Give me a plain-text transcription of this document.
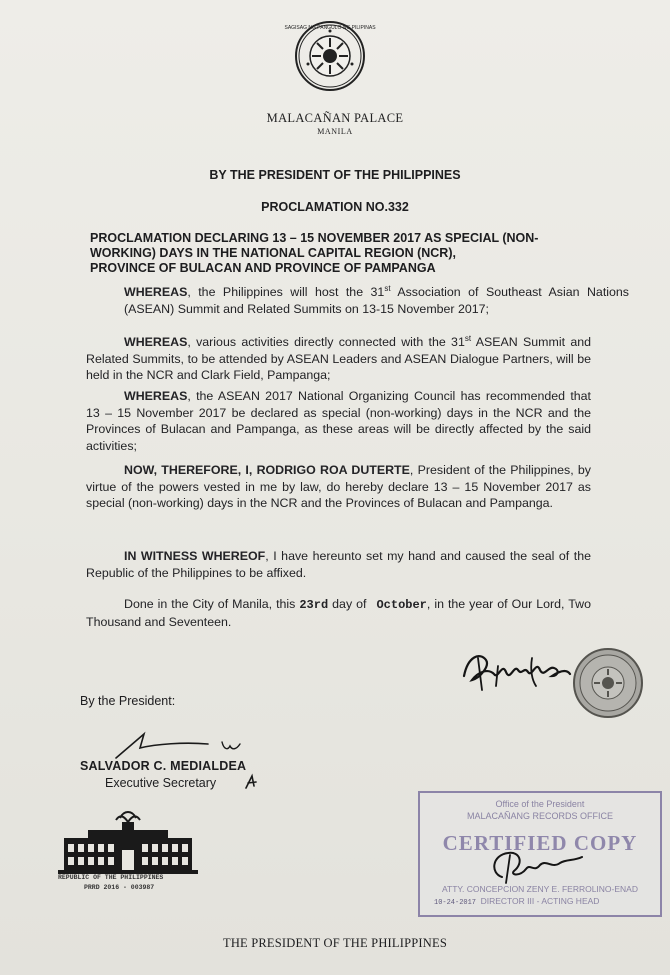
SAGISAG NG PANGULO NG PILIPINAS
MALACAÑAN PALACE
MANILA
BY THE PRESIDENT OF THE PHILIPPINES
PROCLAMATION NO.332
PROCLAMATION DECLARING 13 – 15 NOVEMBER 2017 AS SPECIAL (NON-
WORKING) DAYS IN THE NATIONAL CAPITAL REGION (NCR),
PROVINCE OF BULACAN AND PROVINCE OF PAMPANGA
WHEREAS, the Philippines will host the 31st Association of Southeast Asian Nations (ASEAN) Summit and Related Summits on 13-15 November 2017;
WHEREAS, various activities directly connected with the 31st ASEAN Summit and Related Summits, to be attended by ASEAN Leaders and ASEAN Dialogue Partners, will be held in the NCR and Clark Field, Pampanga;
WHEREAS, the ASEAN 2017 National Organizing Council has recommended that 13 – 15 November 2017 be declared as special (non-working) days in the NCR and the Provinces of Bulacan and Pampanga, as these areas will be directly affected by the said activities;
NOW, THEREFORE, I, RODRIGO ROA DUTERTE, President of the Philippines, by virtue of the powers vested in me by law, do hereby declare 13 – 15 November 2017 as special (non-working) days in the NCR and the Provinces of Bulacan and Pampanga.
IN WITNESS WHEREOF, I have hereunto set my hand and caused the seal of the Republic of the Philippines to be affixed.
Done in the City of Manila, this 23rd day of October, in the year of Our Lord, Two Thousand and Seventeen.
By the President:
SALVADOR C. MEDIALDEA
Executive Secretary
REPUBLIC OF THE PHILIPPINES
PRRD 2016 - 003987
Office of the President
MALACAÑANG RECORDS OFFICE
CERTIFIED COPY
ATTY. CONCEPCION ZENY E. FERROLINO-ENAD
DIRECTOR III - ACTING HEAD
10-24-2017
THE PRESIDENT OF THE PHILIPPINES
